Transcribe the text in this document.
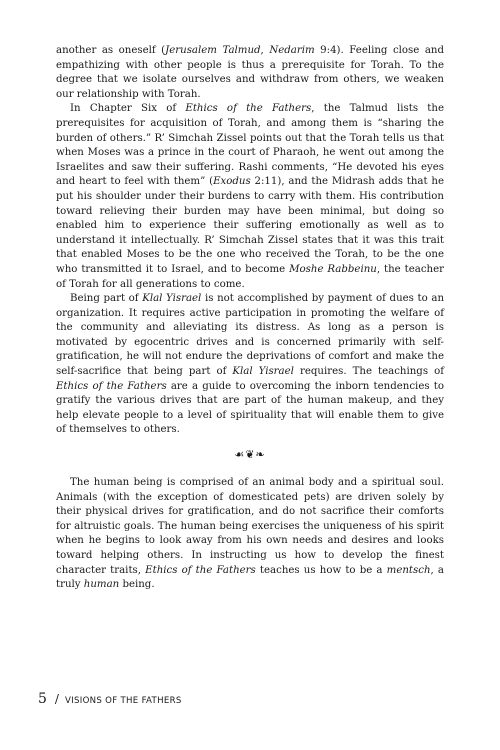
another as oneself (Jerusalem Talmud, Nedarim 9:4). Feeling close and empathizing with other people is thus a prerequisite for Torah. To the degree that we isolate ourselves and withdraw from others, we weaken our relationship with Torah.

In Chapter Six of Ethics of the Fathers, the Talmud lists the prerequisites for acquisition of Torah, and among them is “sharing the burden of others.” R’ Simchah Zissel points out that the Torah tells us that when Moses was a prince in the court of Pharaoh, he went out among the Israelites and saw their suffering. Rashi comments, “He devoted his eyes and heart to feel with them” (Exodus 2:11), and the Midrash adds that he put his shoulder under their burdens to carry with them. His contribution toward relieving their burden may have been minimal, but doing so enabled him to experience their suffering emotionally as well as to understand it intellectually. R’ Simchah Zissel states that it was this trait that enabled Moses to be the one who received the Torah, to be the one who transmitted it to Israel, and to become Moshe Rabbeinu, the teacher of Torah for all generations to come.

Being part of Klal Yisrael is not accomplished by payment of dues to an organization. It requires active participation in promoting the welfare of the community and alleviating its distress. As long as a person is motivated by egocentric drives and is concerned primarily with self-gratification, he will not endure the deprivations of comfort and make the self-sacrifice that being part of Klal Yisrael requires. The teachings of Ethics of the Fathers are a guide to overcoming the inborn tendencies to gratify the various drives that are part of the human makeup, and they help elevate people to a level of spirituality that will enable them to give of themselves to others.

☙❦❧

The human being is comprised of an animal body and a spiritual soul. Animals (with the exception of domesticated pets) are driven solely by their physical drives for gratification, and do not sacrifice their comforts for altruistic goals. The human being exercises the uniqueness of his spirit when he begins to look away from his own needs and desires and looks toward helping others. In instructing us how to develop the finest character traits, Ethics of the Fathers teaches us how to be a mentsch, a truly human being.

5 / VISIONS OF THE FATHERS
